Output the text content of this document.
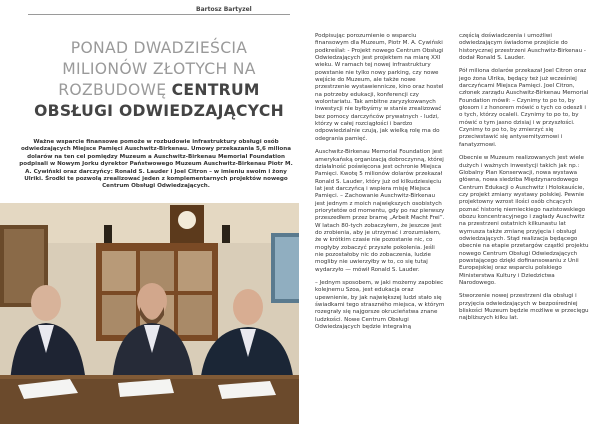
Bartosz Bartyzel
PONAD DWADZIEŚCIA
MILIONÓW ZŁOTYCH NA
ROZBUDOWĘ CENTRUM
OBSŁUGI ODWIEDZAJĄCYCH
Ważne wsparcie finansowe pomoże w rozbudowie infrastruktury obsługi osób odwiedzających Miejsce Pamięci Auschwitz-Birkenau. Umowy przekazania 5,6 miliona dolarów na ten cel pomiędzy Muzeum a Auschwitz-Birkenau Memorial Foundation podpisali w Nowym Jorku dyrektor Państwowego Muzeum Auschwitz-Birkenau Piotr M. A. Cywiński oraz darczyńcy: Ronald S. Lauder i Joel Citron – w imieniu swoim i żony Ulriki. Środki te pozwolą zrealizować jeden z komplementarnych projektów nowego Centrum Obsługi Odwiedzających.

Podpisując porozumienie o wsparciu finansowym dla Muzeum, Piotr M. A. Cywiński podkreślał: - Projekt nowego Centrum Obsługi Odwiedzających jest projektem na miarę XXI wieku. W ramach tej nowej infrastruktury powstanie nie tylko nowy parking, czy nowe wejście do Muzeum, ale także nowe przestrzenie wystawiennicze, kino oraz hostel na potrzeby edukacji, konferencji czy wolontariatu. Tak ambitne zaryzykowanych inwestycji nie byłbyśmy w stanie zrealizować bez pomocy darczyńców prywatnych - ludzi, którzy w całej rozciągłości i bardzo odpowiedzialnie czują, jak wielką rolę ma do odegrania pamięć.

Auschwitz-Birkenau Memorial Foundation jest amerykańską organizacją dobroczynną, której działalność poświęcona jest ochronie Miejsca Pamięci. Kwotę 5 milionów dolarów przekazał Ronald S. Lauder, który już od kilkudziesięciu lat jest darczyńcą i wspiera misję Miejsca Pamięci. – Zachowanie Auschwitz-Birkenau jest jednym z moich największych osobistych priorytetów od momentu, gdy po raz pierwszy przeszedłem przez bramę „Arbeit Macht Frei”. W latach 80-tych zobaczyłem, że jeszcze jest do zrobienia, aby je utrzymać i zrozumiałem, że w krótkim czasie nie pozostanie nic, co mogłyby zobaczyć przyszłe pokolenia. Jeśli nie pozostałoby nic do zobaczenia, ludzie mogliby nie uwierzyłby w to, co się tutaj wydarzyło — mówił Ronald S. Lauder.

– Jednym sposobem, w jaki możemy zapobiec kolejnemu Szoa, jest edukacja oraz upewnienie, by jak największej ludzi stało się świadkami tego straszného miejsca, w którym rozegrały się najgorsze okrucieństwa znane ludzkości. Nowe Centrum Obsługi Odwiedzających będzie integralną

częścią doświadczenia i umożliwi odwiedzającym świadome przejście do historycznej przestrzeni Auschwitz-Birkenau - dodał Ronald S. Lauder.

Pół miliona dolarów przekazał Joel Citron oraz jego żona Ulrika, będący też już wcześniej darczyńcami Miejsca Pamięci. Joel Citron, członek zarządu Auschwitz-Birkenau Memorial Foundation mówił: – Czynimy to po to, by głosom i z honorem mówić o tych co odeszli i o tych, którzy ocaleli. Czynimy to po to, by mówić o tym jasno dzisiaj i w przyszłości. Czynimy to po to, by zmierzyć się przeciwstawić się antysemityzmowi i fanatyzmowi.

Obecnie w Muzeum realizowanych jest wiele dużych i ważnych inwestycji takich jak np.: Globalny Plan Konserwacji, nowa wystawa główna, nowa siedziba Międzynarodowego Centrum Edukacji o Auschwitz i Holokauście, czy projekt zmiany wystawy polskiej. Pewnie projektowny wzrost ilości osób chcących poznać historię niemieckiego nazistowskiego obozu koncentracyjnego i zagłady Auschwitz na przestrzeni ostatnich kilkunastu lat wymusza także zmianę przyjęcia i obsługi odwiedzających. Stąd realizacja będącego obecnie na etapie przetargów cząstki projektu nowego Centrum Obsługi Odwiedzających powstającego dzięki dofinansowaniu z Unii Europejskiej oraz wsparciu polskiego Ministerstwa Kultury i Dziedzictwa Narodowego.

Stworzenie nowej przestrzeni dla obsługi i przyjęcia odwiedzających w bezpośredniej bliskości Muzeum będzie możliwe w przecięgu najbliższych kilku lat.
